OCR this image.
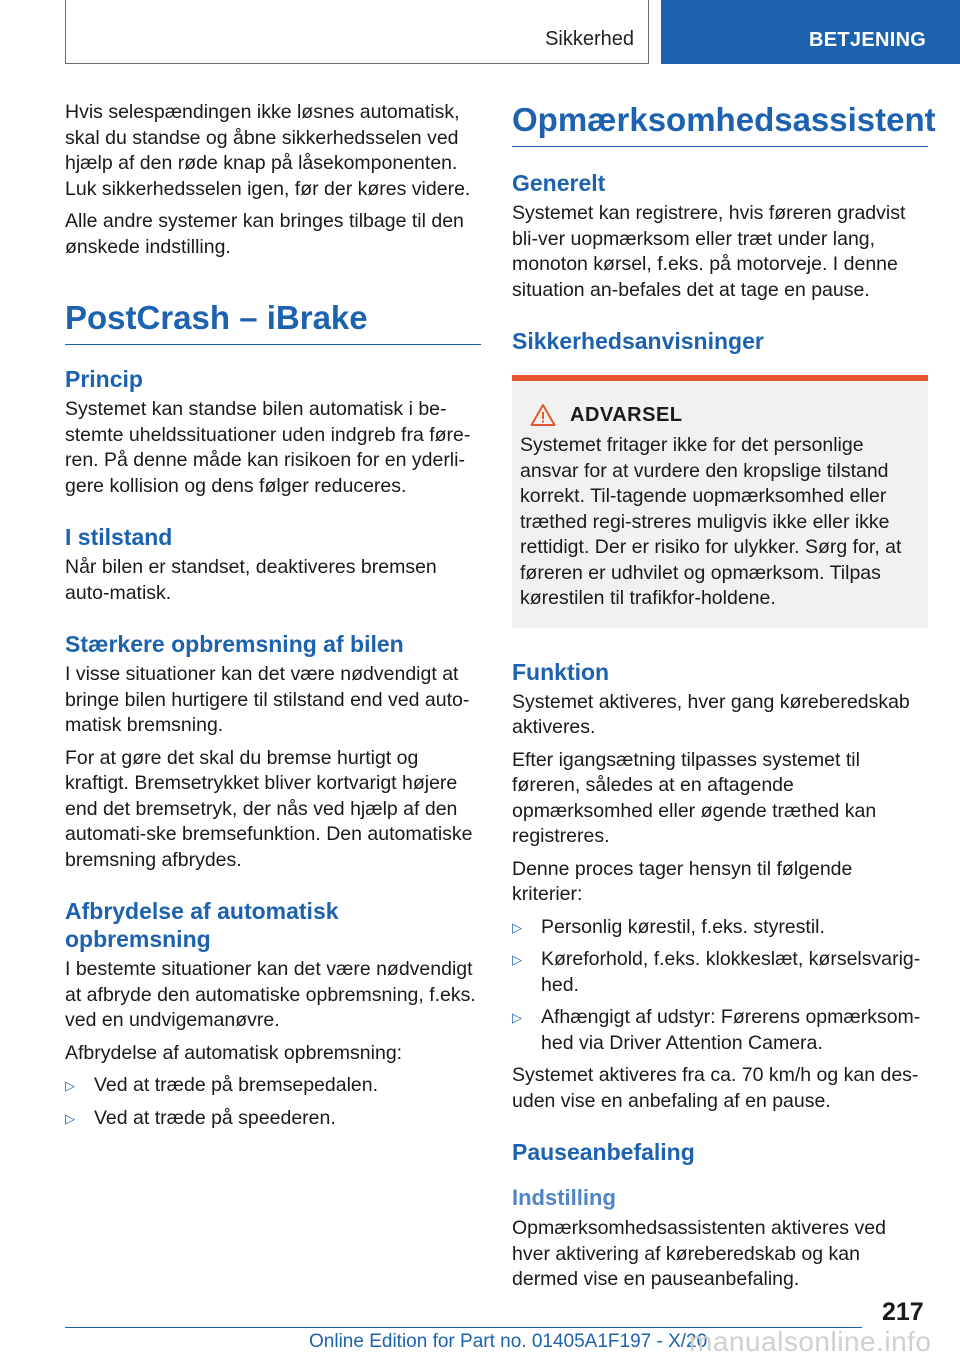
Sikkerhed	BETJENING

Hvis selespændingen ikke løsnes automatisk, skal du standse og åbne sikkerhedsselen ved hjælp af den røde knap på låsekomponenten. Luk sikkerhedsselen igen, før der køres videre.

Alle andre systemer kan bringes tilbage til den ønskede indstilling.

PostCrash – iBrake
Princip

Systemet kan standse bilen automatisk i be-stemte uheldssituationer uden indgreb fra føre-ren. På denne måde kan risikoen for en yderli-gere kollision og dens følger reduceres.

I stilstand

Når bilen er standset, deaktiveres bremsen auto-matisk.

Stærkere opbremsning af bilen

I visse situationer kan det være nødvendigt at bringe bilen hurtigere til stilstand end ved auto-matisk bremsning.

For at gøre det skal du bremse hurtigt og kraftigt. Bremsetrykket bliver kortvarigt højere end det bremsetryk, der nås ved hjælp af den automati-ske bremsefunktion. Den automatiske bremsning afbrydes.

Afbrydelse af automatisk opbremsning

I bestemte situationer kan det være nødvendigt at afbryde den automatiske opbremsning, f.eks. ved en undvigemanøvre.

Afbrydelse af automatisk opbremsning:

▷ Ved at træde på bremsepedalen.
▷ Ved at træde på speederen.
Opmærksomhedsassistent
Generelt

Systemet kan registrere, hvis føreren gradvist bli-ver uopmærksom eller træt under lang, monoton kørsel, f.eks. på motorveje. I denne situation an-befales det at tage en pause.

Sikkerhedsanvisninger
ADVARSEL

Systemet fritager ikke for det personlige ansvar for at vurdere den kropslige tilstand korrekt. Til-tagende uopmærksomhed eller træthed regi-streres muligvis ikke eller ikke rettidigt. Der er risiko for ulykker. Sørg for, at føreren er udhvilet og opmærksom. Tilpas kørestilen til trafikfor-holdene.

Funktion

Systemet aktiveres, hver gang køreberedskab aktiveres.

Efter igangsætning tilpasses systemet til føreren, således at en aftagende opmærksomhed eller øgende træthed kan registreres.

Denne proces tager hensyn til følgende kriterier:

▷ Personlig kørestil, f.eks. styrestil.
▷ Køreforhold, f.eks. klokkeslæt, kørselsvarig-hed.
▷ Afhængigt af udstyr: Førerens opmærksom-hed via Driver Attention Camera.

Systemet aktiveres fra ca. 70 km/h og kan des-uden vise en anbefaling af en pause.

Pauseanbefaling
Indstilling

Opmærksomhedsassistenten aktiveres ved hver aktivering af køreberedskab og kan dermed vise en pauseanbefaling.

217
Online Edition for Part no. 01405A1F197 - X/20
manualsonline.info
